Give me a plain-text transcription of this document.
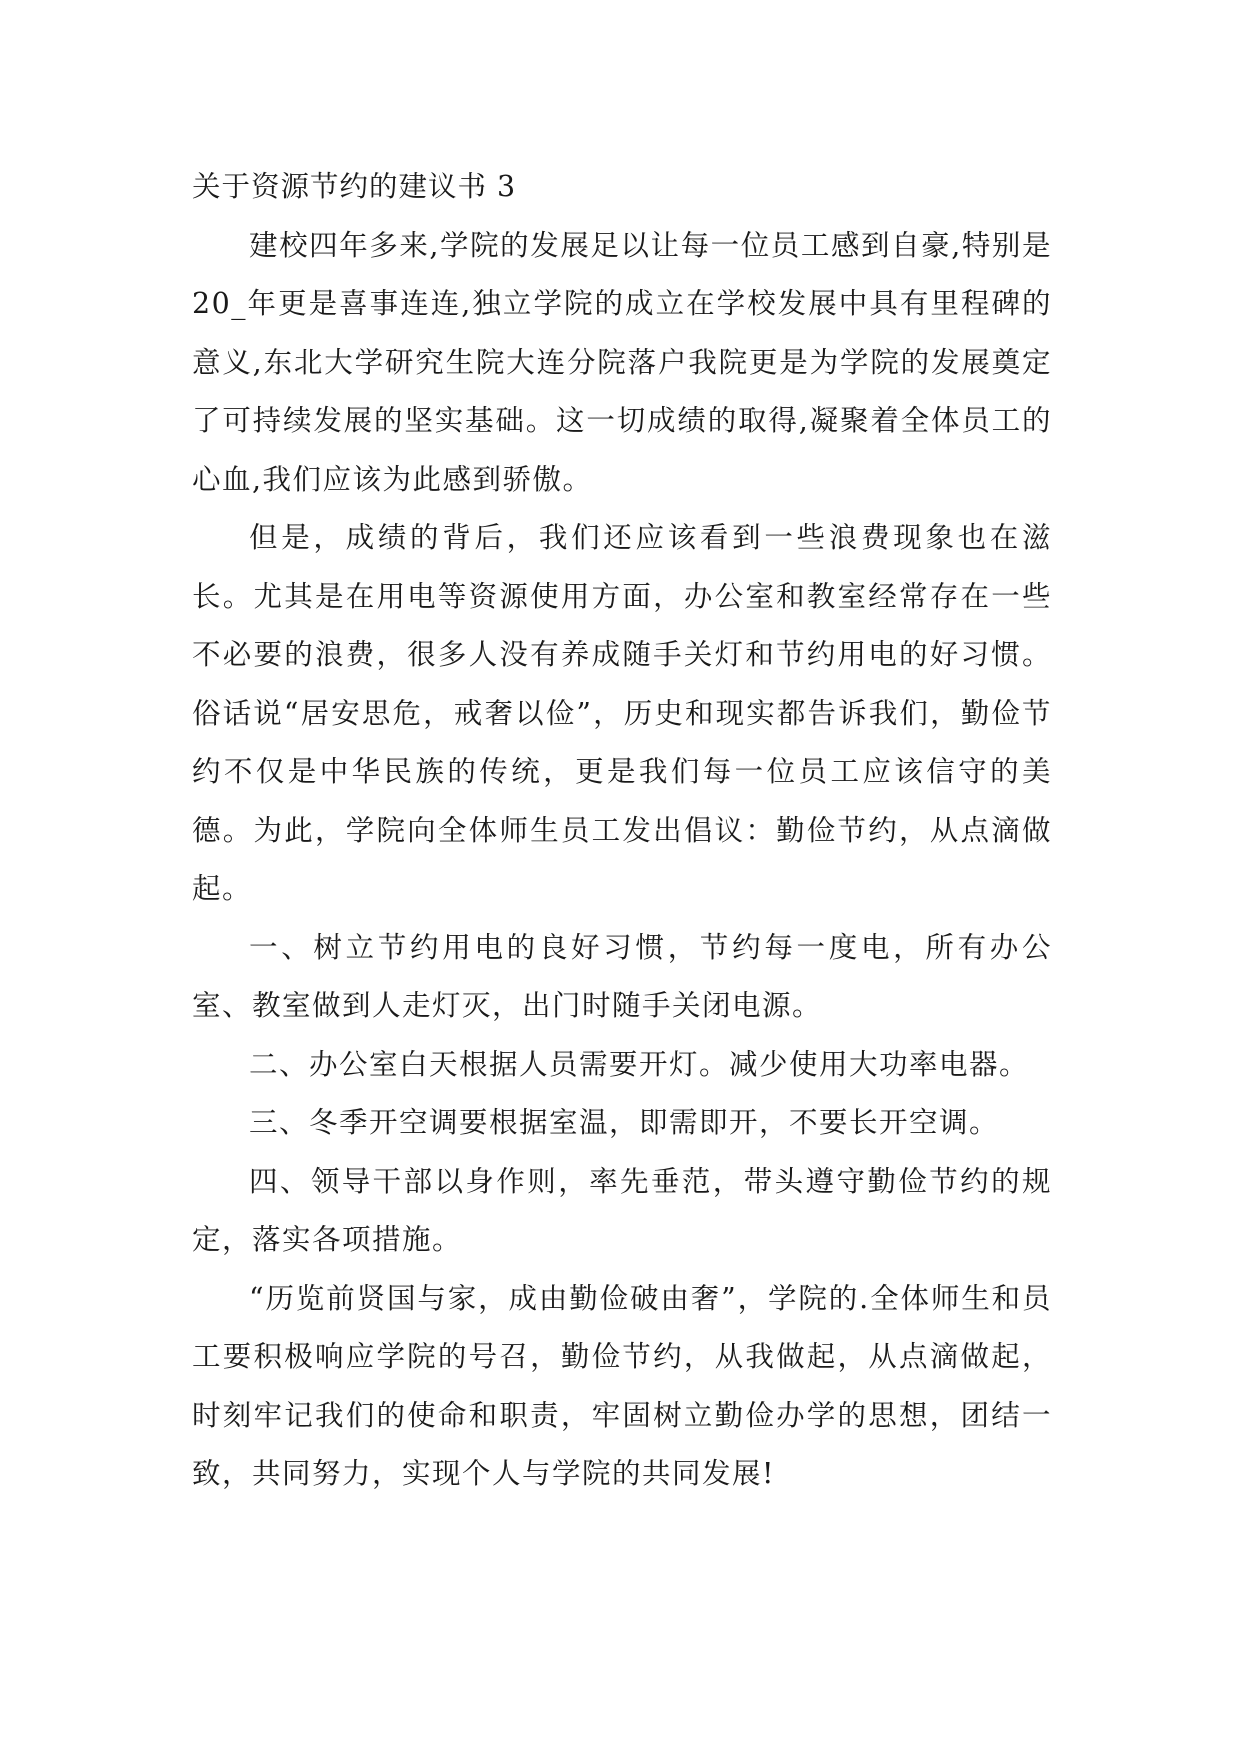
关于资源节约的建议书 3

建校四年多来,学院的发展足以让每一位员工感到自豪,特别是20_年更是喜事连连,独立学院的成立在学校发展中具有里程碑的意义,东北大学研究生院大连分院落户我院更是为学院的发展奠定了可持续发展的坚实基础。这一切成绩的取得,凝聚着全体员工的心血,我们应该为此感到骄傲。

但是，成绩的背后，我们还应该看到一些浪费现象也在滋长。尤其是在用电等资源使用方面，办公室和教室经常存在一些不必要的浪费，很多人没有养成随手关灯和节约用电的好习惯。俗话说“居安思危，戒奢以俭”，历史和现实都告诉我们，勤俭节约不仅是中华民族的传统，更是我们每一位员工应该信守的美德。为此，学院向全体师生员工发出倡议：勤俭节约，从点滴做起。

一、树立节约用电的良好习惯，节约每一度电，所有办公室、教室做到人走灯灭，出门时随手关闭电源。

二、办公室白天根据人员需要开灯。减少使用大功率电器。

三、冬季开空调要根据室温，即需即开，不要长开空调。

四、领导干部以身作则，率先垂范，带头遵守勤俭节约的规定，落实各项措施。

“历览前贤国与家，成由勤俭破由奢”，学院的.全体师生和员工要积极响应学院的号召，勤俭节约，从我做起，从点滴做起，时刻牢记我们的使命和职责，牢固树立勤俭办学的思想，团结一致，共同努力，实现个人与学院的共同发展!
